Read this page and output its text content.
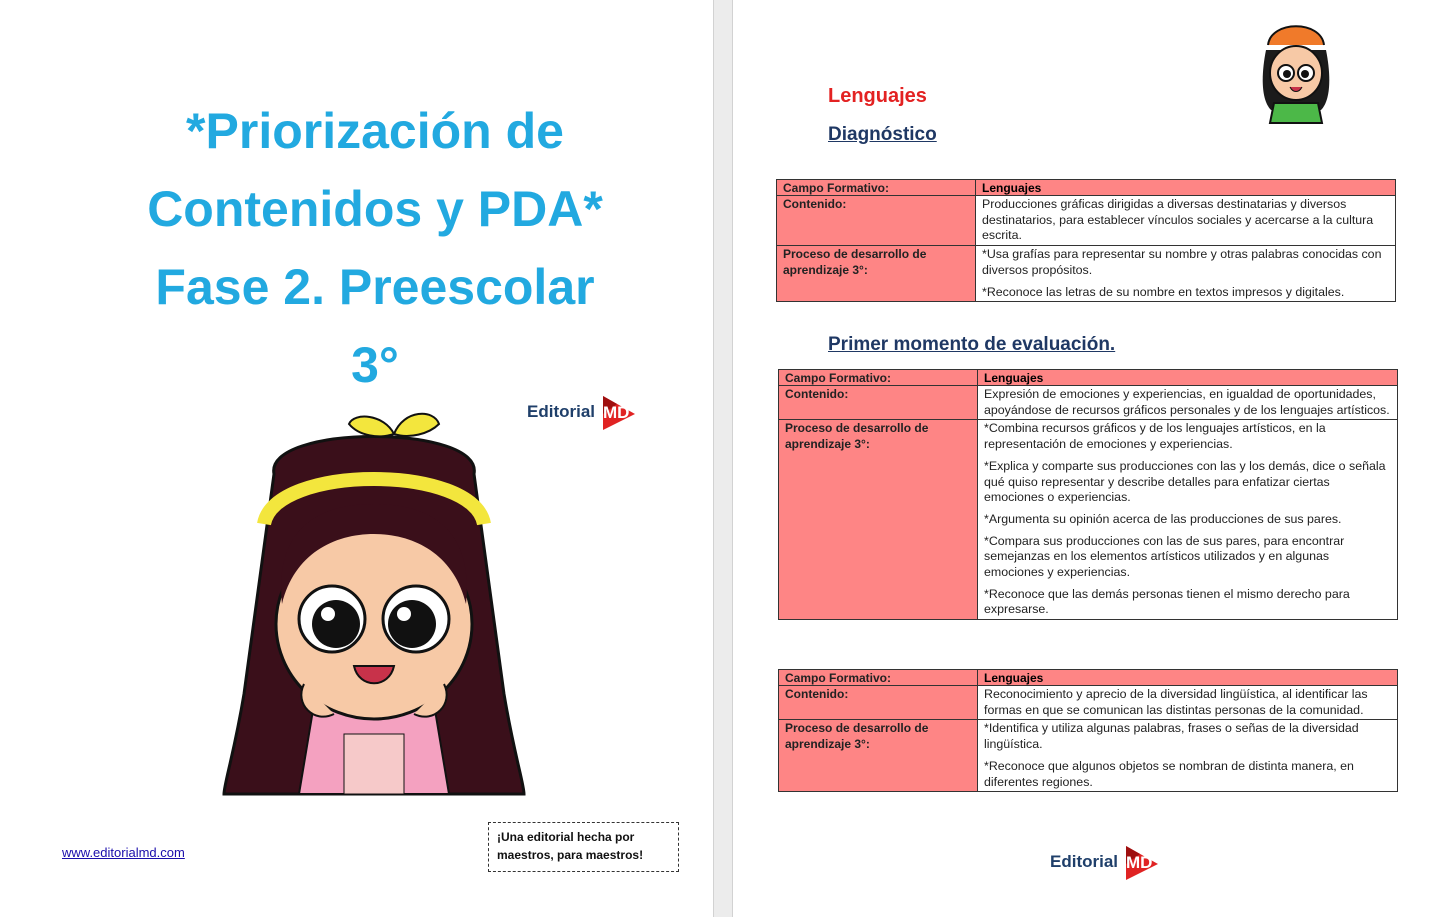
*Priorización de
Contenidos y PDA*
Fase 2. Preescolar
3°
Editorial MD
www.editorialmd.com
¡Una editorial hecha por
maestros, para maestros!
Lenguajes
Diagnóstico
Campo Formativo:	Lenguajes
Contenido:	Producciones gráficas dirigidas a diversas destinatarias y diversos destinatarios, para establecer vínculos sociales y acercarse a la cultura escrita.
Proceso de desarrollo de aprendizaje 3°:	*Usa grafías para representar su nombre y otras palabras conocidas con diversos propósitos.

*Reconoce las letras de su nombre en textos impresos y digitales.

Primer momento de evaluación.
Campo Formativo:	Lenguajes
Contenido:	Expresión de emociones y experiencias, en igualdad de oportunidades, apoyándose de recursos gráficos personales y de los lenguajes artísticos.
Proceso de desarrollo de aprendizaje 3°:	*Combina recursos gráficos y de los lenguajes artísticos, en la representación de emociones y experiencias.

*Explica y comparte sus producciones con las y los demás, dice o señala qué quiso representar y describe detalles para enfatizar ciertas emociones o experiencias.

*Argumenta su opinión acerca de las producciones de sus pares.

*Compara sus producciones con las de sus pares, para encontrar semejanzas en los elementos artísticos utilizados y en algunas emociones y experiencias.

*Reconoce que las demás personas tienen el mismo derecho para expresarse.

Campo Formativo:	Lenguajes
Contenido:	Reconocimiento y aprecio de la diversidad lingüística, al identificar las formas en que se comunican las distintas personas de la comunidad.
Proceso de desarrollo de aprendizaje 3°:	*Identifica y utiliza algunas palabras, frases o señas de la diversidad lingüística.

*Reconoce que algunos objetos se nombran de distinta manera, en diferentes regiones.

Editorial MD
